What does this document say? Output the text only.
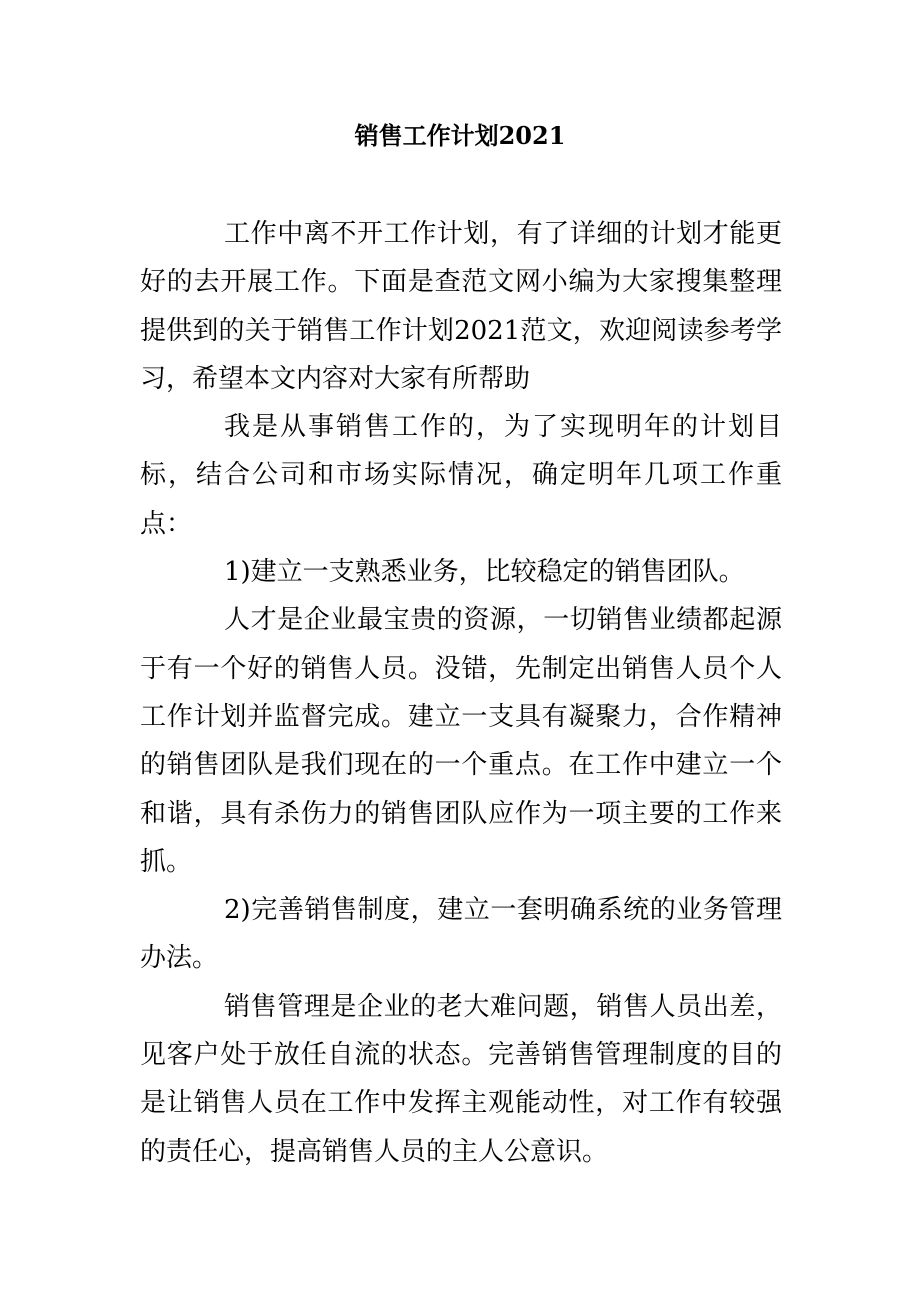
销售工作计划2021

工作中离不开工作计划，有了详细的计划才能更好的去开展工作。下面是查范文网小编为大家搜集整理提供到的关于销售工作计划2021范文，欢迎阅读参考学习，希望本文内容对大家有所帮助

我是从事销售工作的，为了实现明年的计划目标，结合公司和市场实际情况，确定明年几项工作重点：

1)建立一支熟悉业务，比较稳定的销售团队。

人才是企业最宝贵的资源，一切销售业绩都起源于有一个好的销售人员。没错，先制定出销售人员个人工作计划并监督完成。建立一支具有凝聚力，合作精神的销售团队是我们现在的一个重点。在工作中建立一个和谐，具有杀伤力的销售团队应作为一项主要的工作来抓。

2)完善销售制度，建立一套明确系统的业务管理办法。

销售管理是企业的老大难问题，销售人员出差，见客户处于放任自流的状态。完善销售管理制度的目的是让销售人员在工作中发挥主观能动性，对工作有较强的责任心，提高销售人员的主人公意识。
